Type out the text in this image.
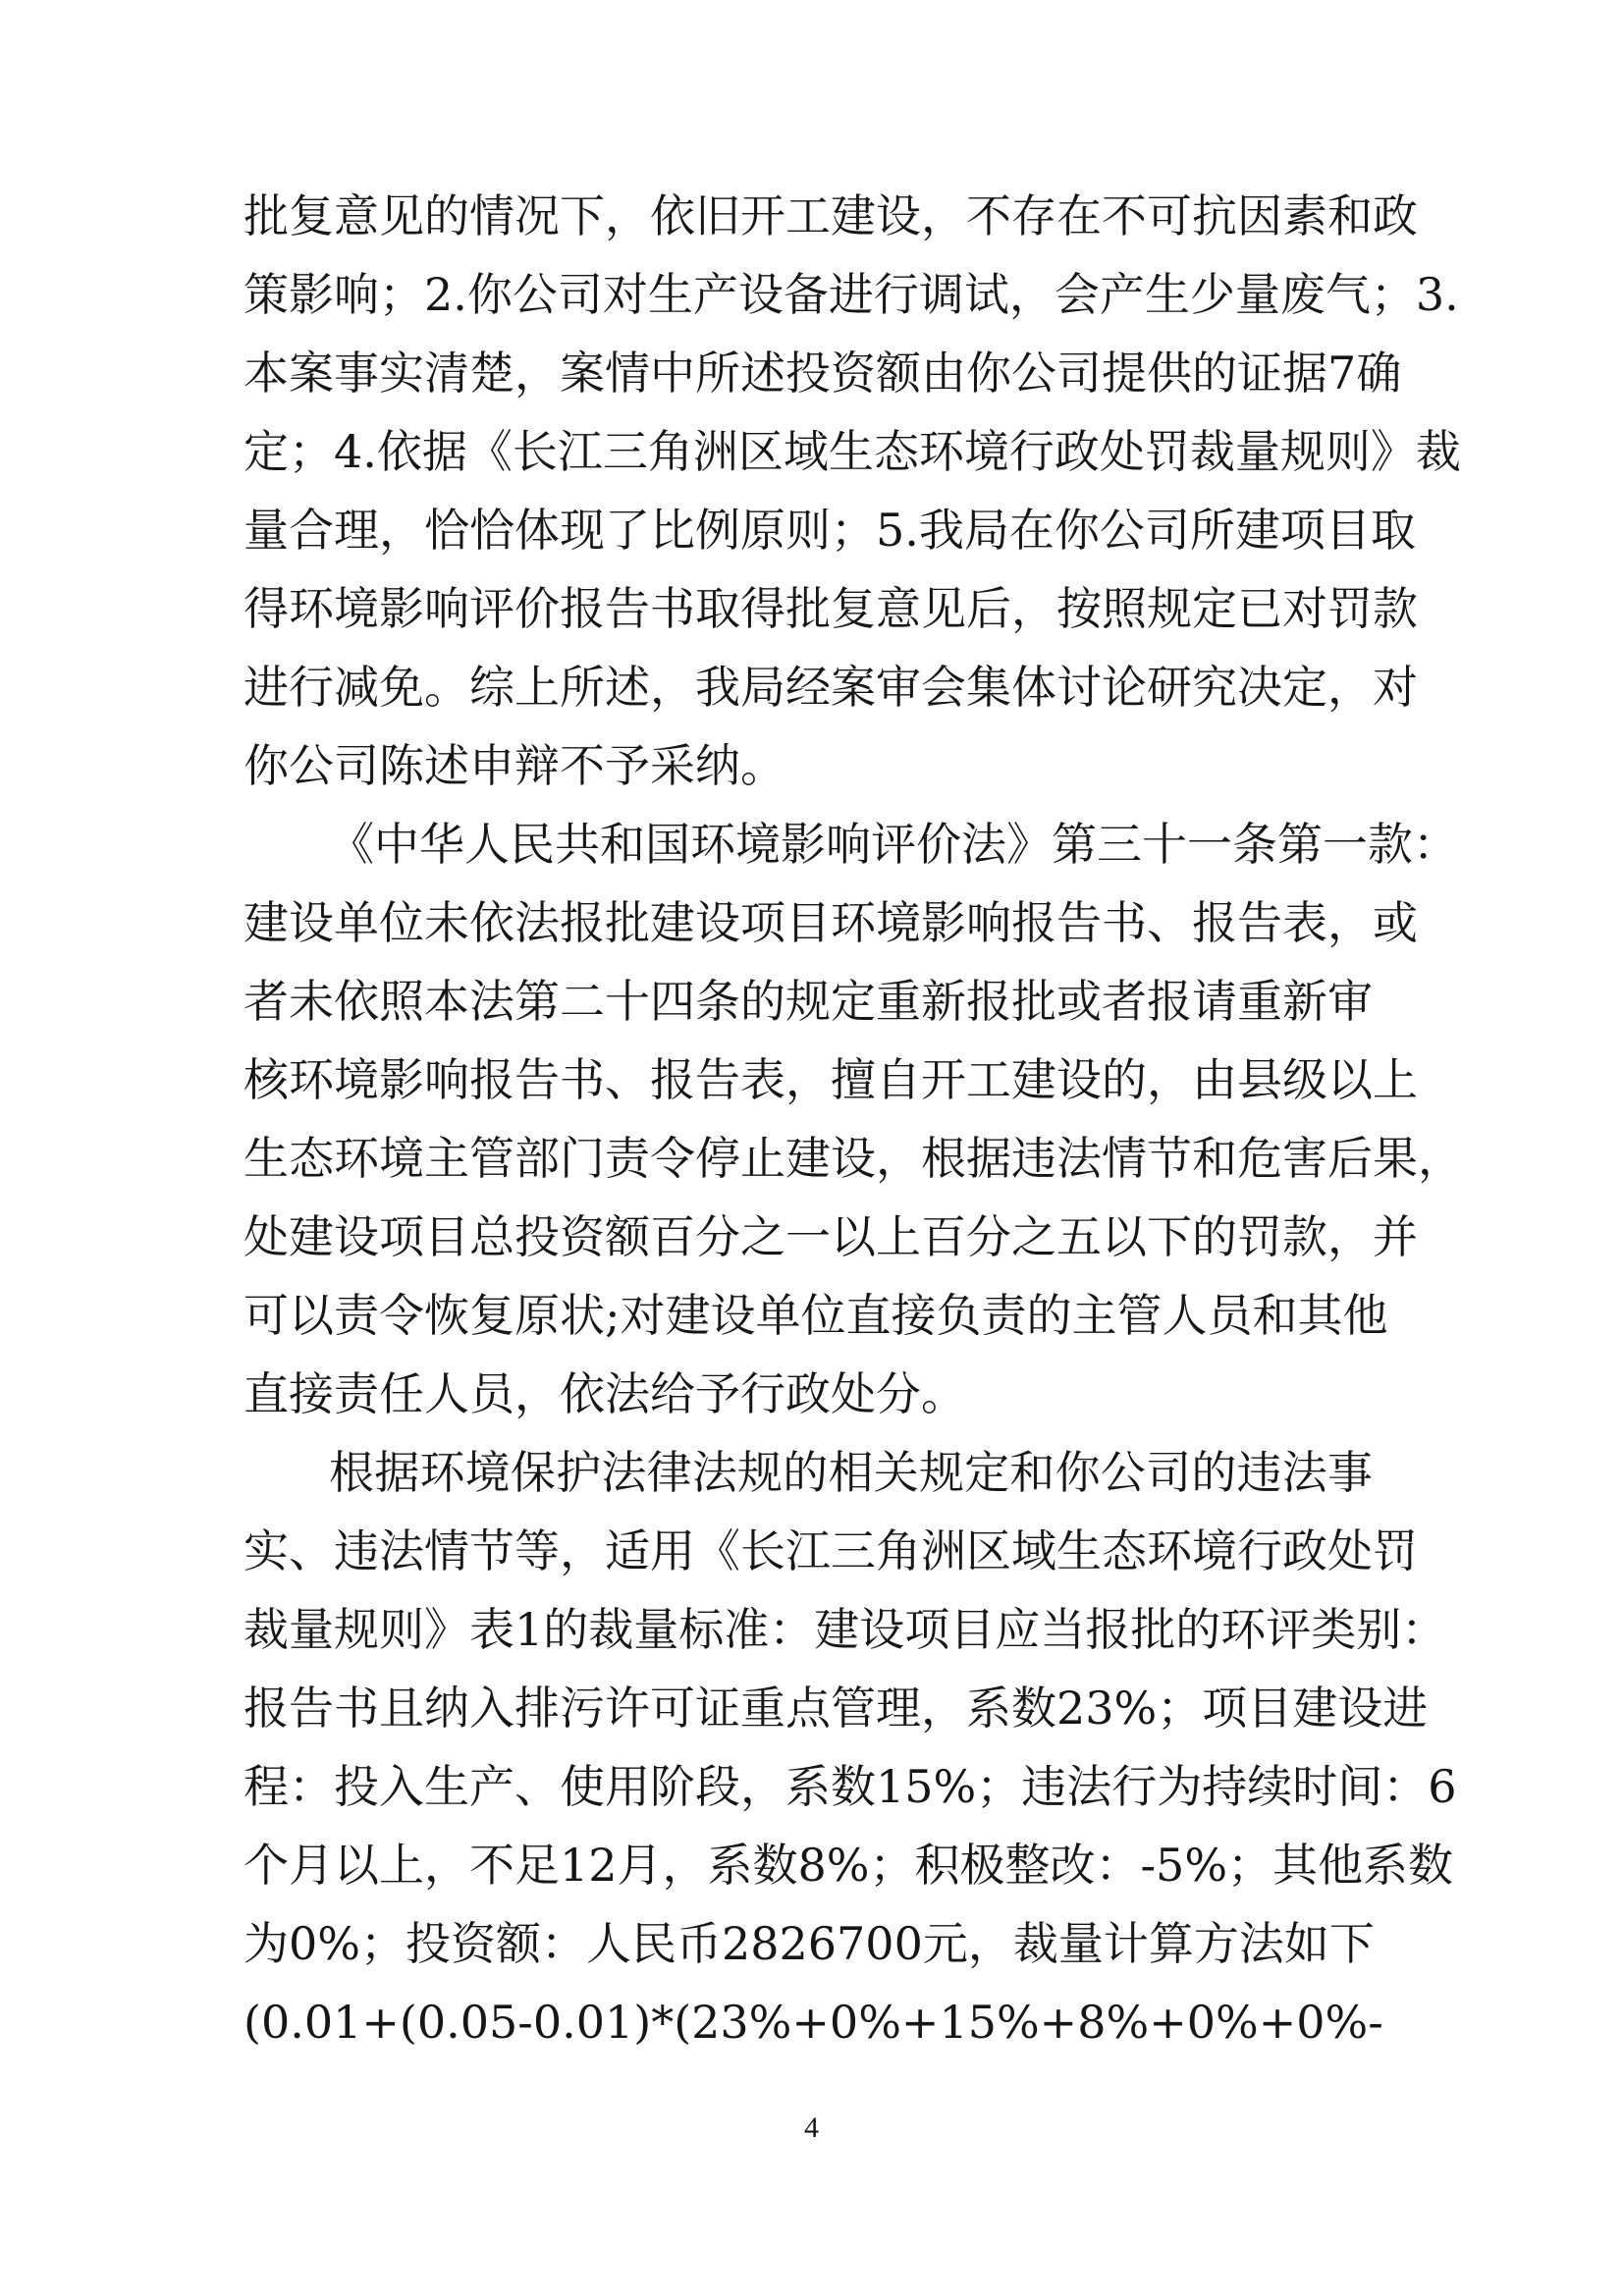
批复意见的情况下，依旧开工建设，不存在不可抗因素和政
策影响；2.你公司对生产设备进行调试，会产生少量废气；3.
本案事实清楚，案情中所述投资额由你公司提供的证据7确
定；4.依据《长江三角洲区域生态环境行政处罚裁量规则》裁
量合理，恰恰体现了比例原则；5.我局在你公司所建项目取
得环境影响评价报告书取得批复意见后，按照规定已对罚款
进行减免。综上所述，我局经案审会集体讨论研究决定，对
你公司陈述申辩不予采纳。
《中华人民共和国环境影响评价法》第三十一条第一款：
建设单位未依法报批建设项目环境影响报告书、报告表，或
者未依照本法第二十四条的规定重新报批或者报请重新审
核环境影响报告书、报告表，擅自开工建设的，由县级以上
生态环境主管部门责令停止建设，根据违法情节和危害后果，
处建设项目总投资额百分之一以上百分之五以下的罚款，并
可以责令恢复原状;对建设单位直接负责的主管人员和其他
直接责任人员，依法给予行政处分。
根据环境保护法律法规的相关规定和你公司的违法事
实、违法情节等，适用《长江三角洲区域生态环境行政处罚
裁量规则》表1的裁量标准：建设项目应当报批的环评类别：
报告书且纳入排污许可证重点管理，系数23%；项目建设进
程：投入生产、使用阶段，系数15%；违法行为持续时间：6
个月以上，不足12月，系数8%；积极整改：-5%；其他系数
为0%；投资额：人民币2826700元，裁量计算方法如下
(0.01+(0.05-0.01)*(23%+0%+15%+8%+0%+0%-
4
